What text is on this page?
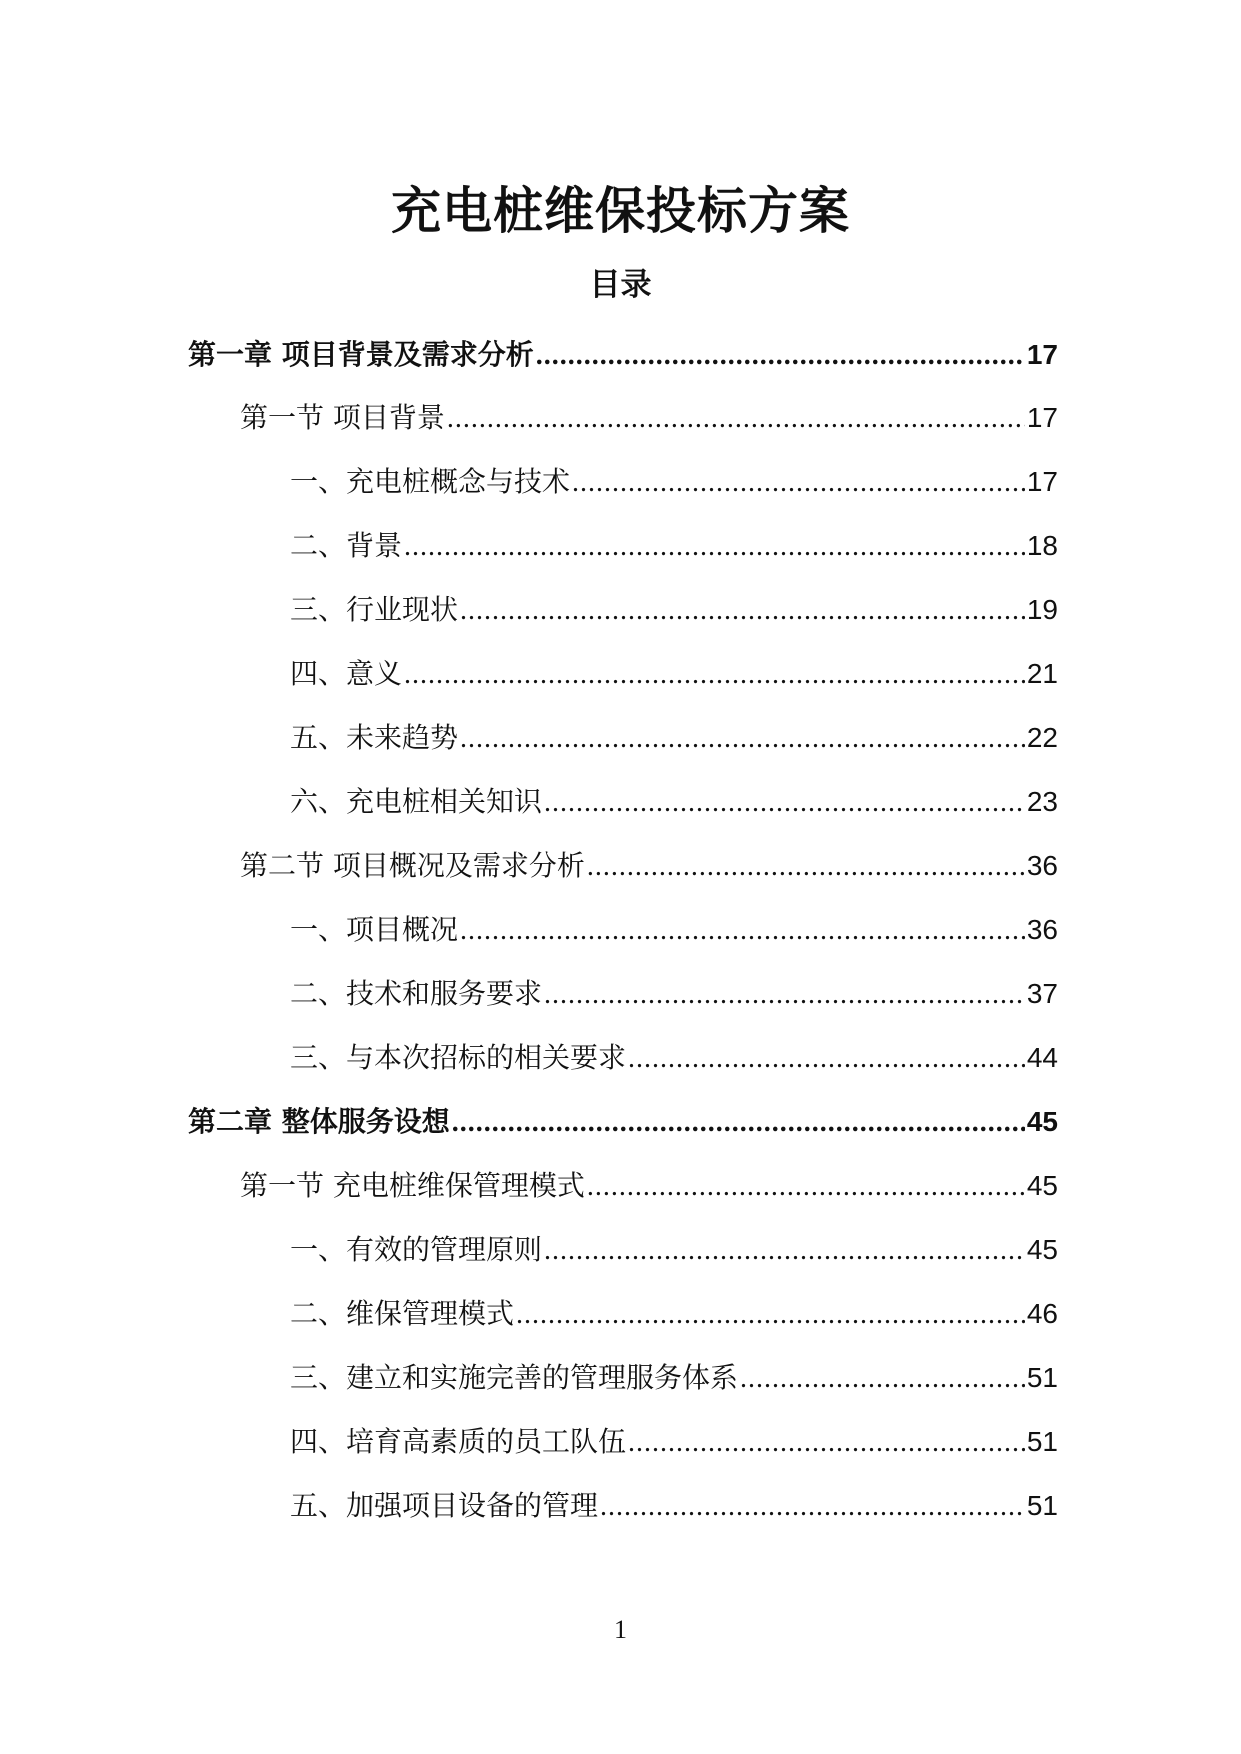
充电桩维保投标方案
目录
第一章 项目背景及需求分析 .....	17
第一节 项目背景 .....	17
一、充电桩概念与技术 .....	17
二、背景 .....	18
三、行业现状 .....	19
四、意义 .....	21
五、未来趋势 .....	22
六、充电桩相关知识 .....	23
第二节 项目概况及需求分析 .....	36
一、项目概况 .....	36
二、技术和服务要求 .....	37
三、与本次招标的相关要求 .....	44
第二章 整体服务设想 .....	45
第一节 充电桩维保管理模式 .....	45
一、有效的管理原则 .....	45
二、维保管理模式 .....	46
三、建立和实施完善的管理服务体系 .....	51
四、培育高素质的员工队伍 .....	51
五、加强项目设备的管理 .....	51
1
